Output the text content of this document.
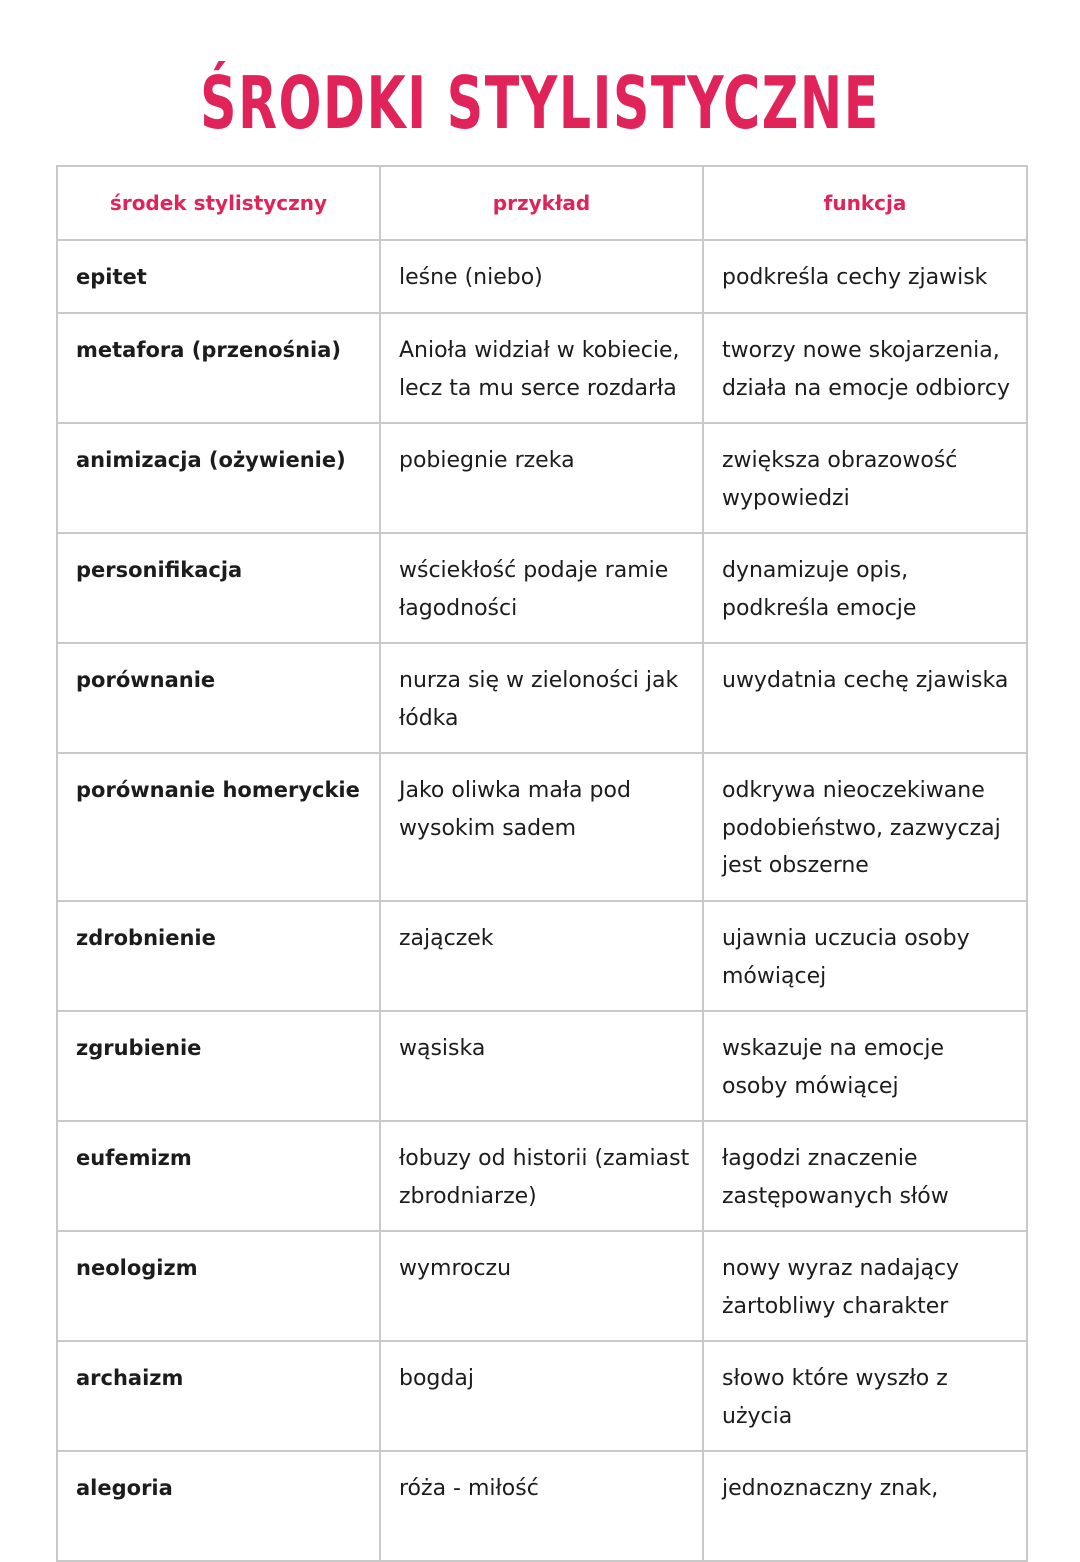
ŚRODKI STYLISTYCZNE
środek stylistyczny	przykład	funkcja

epitet	leśne (niebo)	podkreśla cechy zjawisk

metafora (przenośnia)	Anioła widział w kobiecie, lecz ta mu serce rozdarła	tworzy nowe skojarzenia, działa na emocje odbiorcy

animizacja (ożywienie)	pobiegnie rzeka	zwiększa obrazowość wypowiedzi

personifikacja	wściekłość podaje ramie łagodności	dynamizuje opis, podkreśla emocje

porównanie	nurza się w zieloności jak łódka	uwydatnia cechę zjawiska

porównanie homeryckie	Jako oliwka mała pod wysokim sadem	odkrywa nieoczekiwane podobieństwo, zazwyczaj jest obszerne

zdrobnienie	zajączek	ujawnia uczucia osoby mówiącej

zgrubienie	wąsiska	wskazuje na emocje osoby mówiącej

eufemizm	łobuzy od historii (zamiast zbrodniarze)	łagodzi znaczenie zastępowanych słów

neologizm	wymroczu	nowy wyraz nadający żartobliwy charakter

archaizm	bogdaj	słowo które wyszło z użycia

alegoria	róża - miłość	jednoznaczny znak,
